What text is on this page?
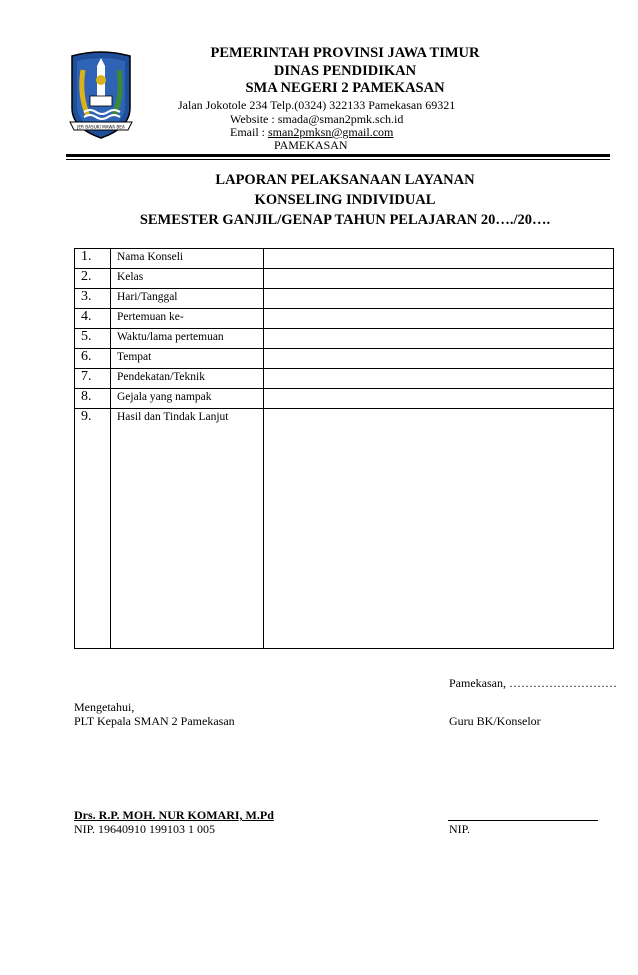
JER BASUKI MAWA BEA
PEMERINTAH PROVINSI JAWA TIMUR
DINAS PENDIDIKAN
SMA NEGERI 2 PAMEKASAN
Jalan Jokotole 234 Telp.(0324) 322133 Pamekasan 69321
Website : smada@sman2pmk.sch.id
Email : sman2pmksn@gmail.com
PAMEKASAN
LAPORAN PELAKSANAAN LAYANAN
KONSELING INDIVIDUAL
SEMESTER GANJIL/GENAP TAHUN PELAJARAN 20…./20….
1.	Nama Konseli	
2.	Kelas	
3.	Hari/Tanggal	
4.	Pertemuan ke-	
5.	Waktu/lama pertemuan	
6.	Tempat	
7.	Pendekatan/Teknik	
8.	Gejala yang nampak	
9.	Hasil dan Tindak Lanjut	
Pamekasan, ………………………
Mengetahui,
PLT Kepala SMAN 2 Pamekasan	Guru BK/Konselor
Drs. R.P. MOH. NUR KOMARI, M.Pd
NIP. 19640910 199103 1 005	NIP.
